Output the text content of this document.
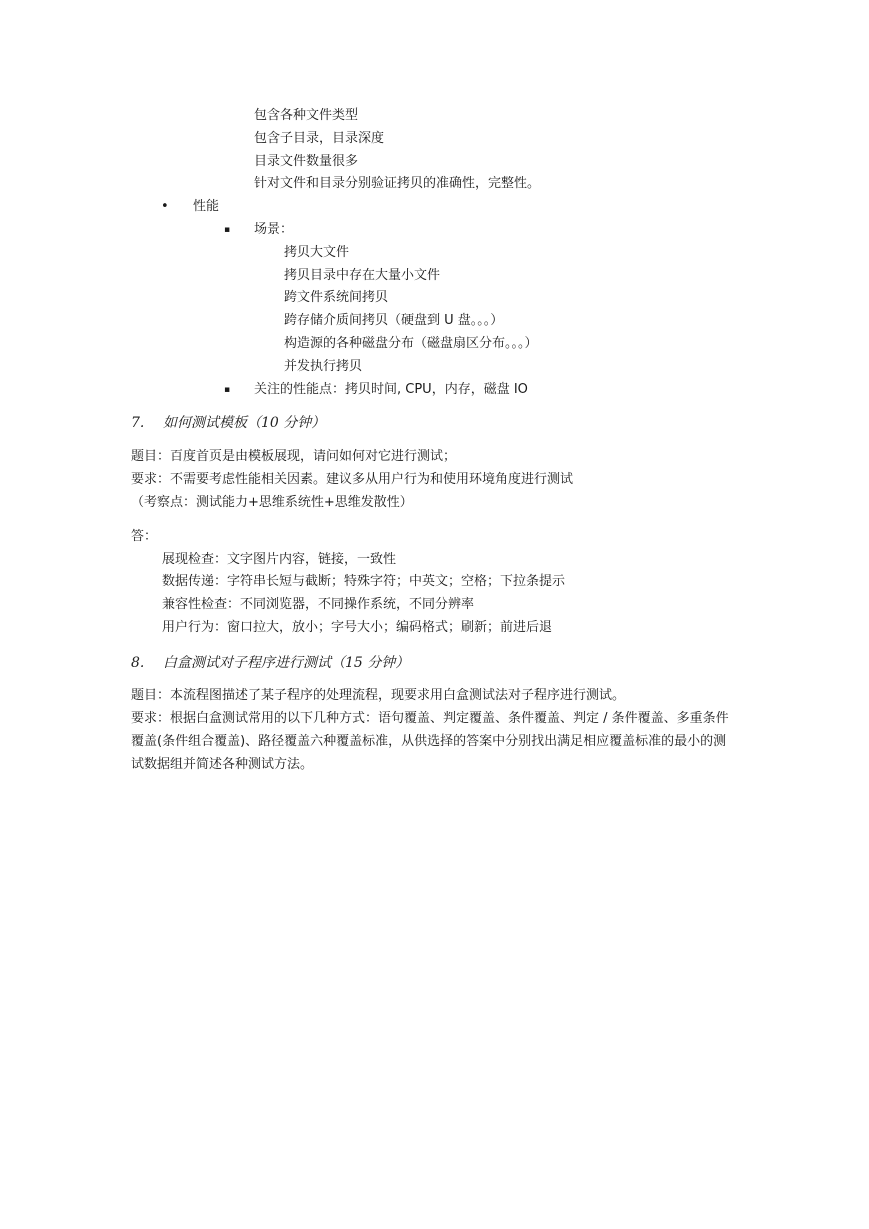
包含各种文件类型
包含子目录，目录深度
目录文件数量很多
针对文件和目录分别验证拷贝的准确性，完整性。
• 性能
▪ 场景：
拷贝大文件
拷贝目录中存在大量小文件
跨文件系统间拷贝
跨存储介质间拷贝（硬盘到 U 盘。。。）
构造源的各种磁盘分布（磁盘扇区分布。。。）
并发执行拷贝
▪ 关注的性能点：拷贝时间, CPU，内存，磁盘 IO
7. 如何测试模板（10 分钟）
题目：百度首页是由模板展现，请问如何对它进行测试；
要求：不需要考虑性能相关因素。建议多从用户行为和使用环境角度进行测试
（考察点：测试能力+思维系统性+思维发散性）
答：
展现检查：文字图片内容，链接，一致性
数据传递：字符串长短与截断；特殊字符；中英文；空格；下拉条提示
兼容性检查：不同浏览器，不同操作系统，不同分辨率
用户行为：窗口拉大，放小；字号大小；编码格式；刷新；前进后退
8. 白盒测试对子程序进行测试（15 分钟）
题目：本流程图描述了某子程序的处理流程，现要求用白盒测试法对子程序进行测试。
要求：根据白盒测试常用的以下几种方式：语句覆盖、判定覆盖、条件覆盖、判定 / 条件覆盖、多重条件
覆盖(条件组合覆盖)、路径覆盖六种覆盖标准，从供选择的答案中分别找出满足相应覆盖标准的最小的测
试数据组并简述各种测试方法。
